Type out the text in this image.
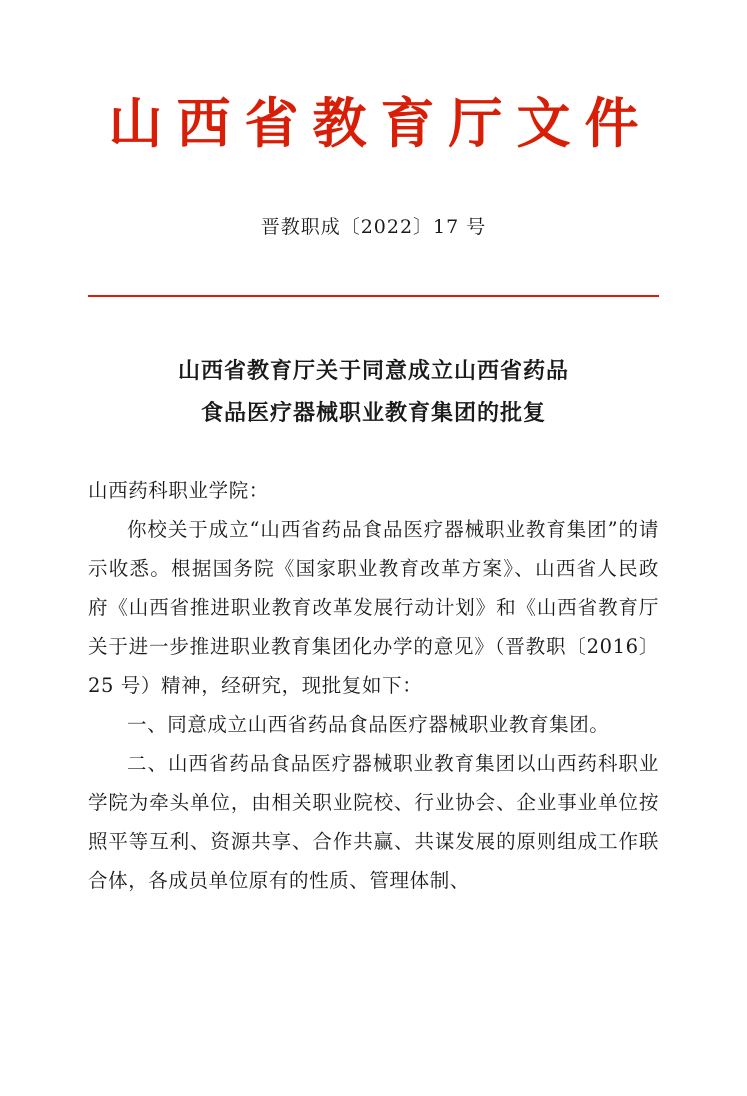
山西省教育厅文件
晋教职成〔2022〕17 号
山西省教育厅关于同意成立山西省药品
食品医疗器械职业教育集团的批复

山西药科职业学院：

你校关于成立“山西省药品食品医疗器械职业教育集团”的请示收悉。根据国务院《国家职业教育改革方案》、山西省人民政府《山西省推进职业教育改革发展行动计划》和《山西省教育厅关于进一步推进职业教育集团化办学的意见》（晋教职〔2016〕25 号）精神，经研究，现批复如下：

一、同意成立山西省药品食品医疗器械职业教育集团。

二、山西省药品食品医疗器械职业教育集团以山西药科职业学院为牵头单位，由相关职业院校、行业协会、企业事业单位按照平等互利、资源共享、合作共赢、共谋发展的原则组成工作联合体，各成员单位原有的性质、管理体制、
